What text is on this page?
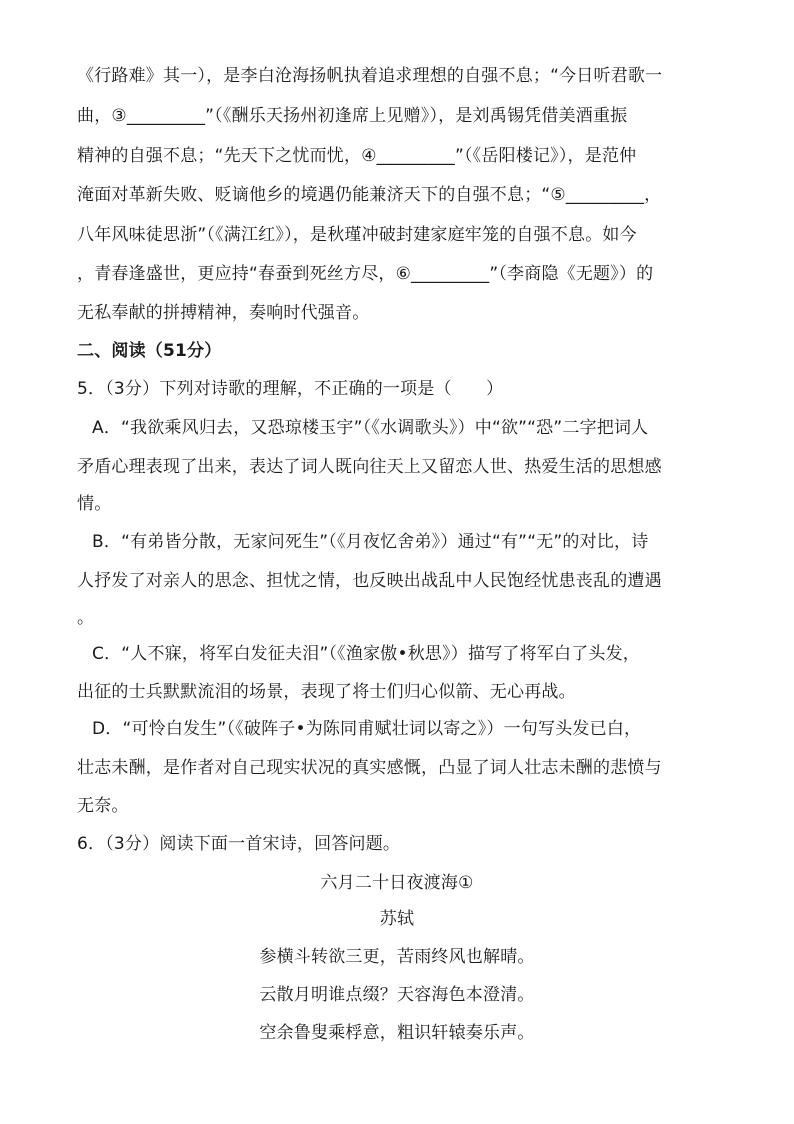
《行路难》其一），是李白沧海扬帆执着追求理想的自强不息；“今日听君歌一
曲，③_________”（《酬乐天扬州初逢席上见赠》），是刘禹锡凭借美酒重振
精神的自强不息；“先天下之忧而忧，④_________”（《岳阳楼记》），是范仲
淹面对革新失败、贬谪他乡的境遇仍能兼济天下的自强不息；“⑤_________，
八年风味徒思浙”（《满江红》），是秋瑾冲破封建家庭牢笼的自强不息。如今
，青春逢盛世，更应持“春蚕到死丝方尽，⑥_________”（李商隐《无题》）的
无私奉献的拼搏精神，奏响时代强音。
二、阅读（51分）
5．（3分）下列对诗歌的理解，不正确的一项是（　　）
A．“我欲乘风归去，又恐琼楼玉宇”（《水调歌头》）中“欲”“恐”二字把词人
矛盾心理表现了出来，表达了词人既向往天上又留恋人世、热爱生活的思想感
情。
B．“有弟皆分散，无家问死生”（《月夜忆舍弟》）通过“有”“无”的对比，诗
人抒发了对亲人的思念、担忧之情，也反映出战乱中人民饱经忧患丧乱的遭遇
。
C．“人不寐，将军白发征夫泪”（《渔家傲•秋思》）描写了将军白了头发，
出征的士兵默默流泪的场景，表现了将士们归心似箭、无心再战。
D．“可怜白发生”（《破阵子•为陈同甫赋壮词以寄之》）一句写头发已白，
壮志未酬，是作者对自己现实状况的真实感慨，凸显了词人壮志未酬的悲愤与
无奈。
6．（3分）阅读下面一首宋诗，回答问题。
六月二十日夜渡海①
苏轼
参横斗转欲三更，苦雨终风也解晴。
云散月明谁点缀？天容海色本澄清。
空余鲁叟乘桴意，粗识轩辕奏乐声。
